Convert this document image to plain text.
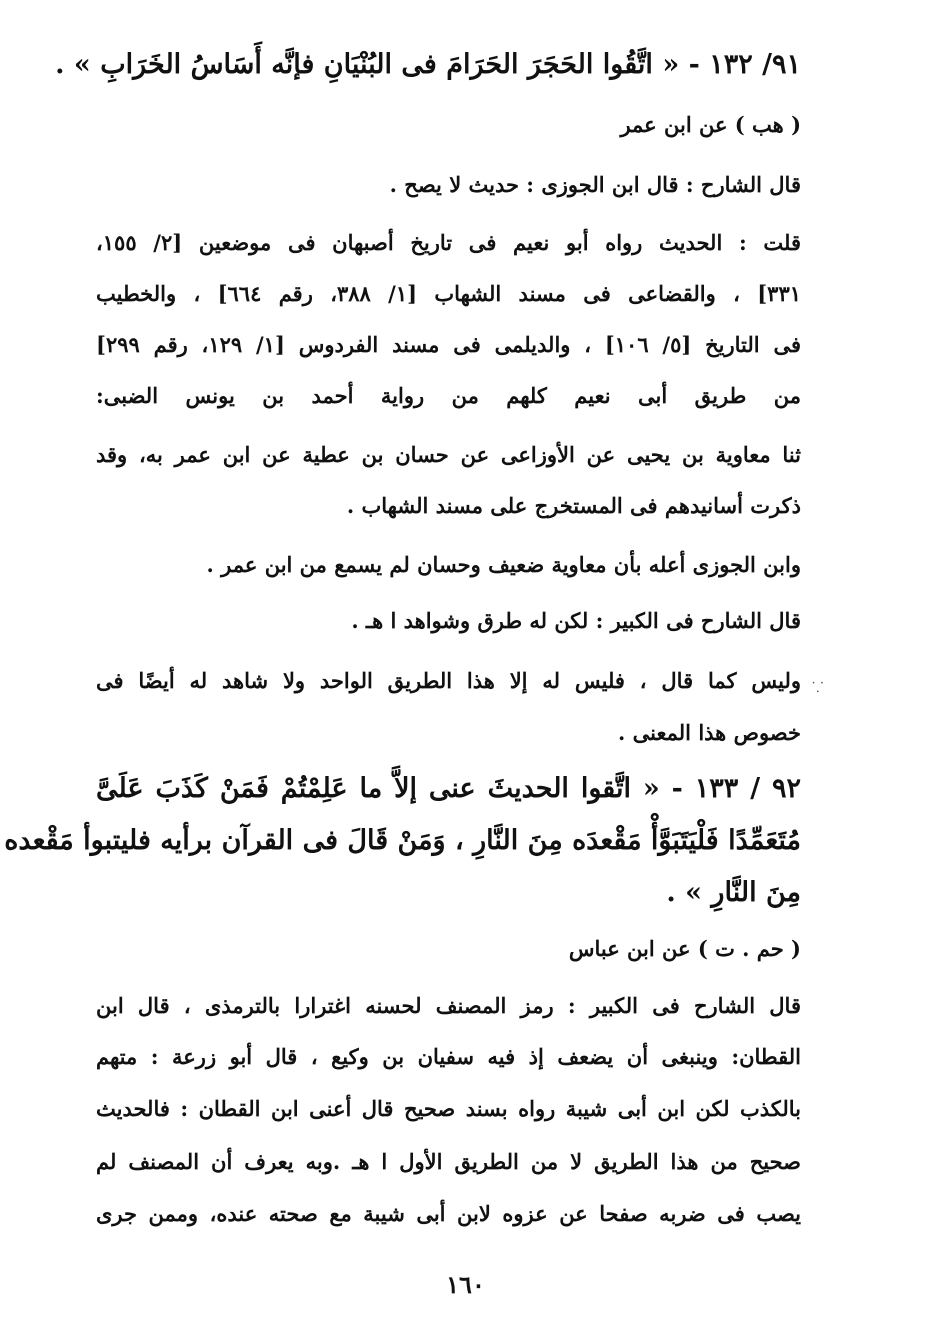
٩١/ ١٣٢ - « اتَّقُوا الحَجَرَ الحَرَامَ فى البُنْيَانِ فإنَّه أَسَاسُ الخَرَابِ » .
( هب ) عن ابن عمر
قال الشارح : قال ابن الجوزى : حديث لا يصح .
قلت : الحديث رواه أبو نعيم فى تاريخ أصبهان فى موضعين [٢/ ١٥٥،
٣٣١] ، والقضاعى فى مسند الشهاب [١/ ٣٨٨، رقم ٦٦٤] ، والخطيب
فى التاريخ [٥/ ١٠٦] ، والديلمى فى مسند الفردوس [١/ ١٢٩، رقم ٢٩٩]
من طريق أبى نعيم كلهم من رواية أحمد بن يونس الضبى:
ثنا معاوية بن يحيى عن الأوزاعى عن حسان بن عطية عن ابن عمر به، وقد
ذكرت أسانيدهم فى المستخرج على مسند الشهاب .
وابن الجوزى أعله بأن معاوية ضعيف وحسان لم يسمع من ابن عمر .
قال الشارح فى الكبير : لكن له طرق وشواهد ا هـ .
وليس كما قال ، فليس له إلا هذا الطريق الواحد ولا شاهد له أيضًا فى
خصوص هذا المعنى .
٩٢ / ١٣٣ - « اتَّقوا الحديثَ عنى إلاَّ ما عَلِمْتُمْ فَمَنْ كَذَبَ عَلَىَّ
مُتَعَمِّدًا فَلْيَتَبَوَّأْ مَقْعدَه مِنَ النَّارِ ، وَمَنْ قَالَ فى القرآن برأيه فليتبوأ مَقْعده
مِنَ النَّارِ » .
( حم . ت ) عن ابن عباس
قال الشارح فى الكبير : رمز المصنف لحسنه اغترارا بالترمذى ، قال ابن
القطان: وينبغى أن يضعف إذ فيه سفيان بن وكيع ، قال أبو زرعة : متهم
بالكذب لكن ابن أبى شيبة رواه بسند صحيح قال أعنى ابن القطان : فالحديث
صحيح من هذا الطريق لا من الطريق الأول ا هـ .وبه يعرف أن المصنف لم
يصب فى ضربه صفحا عن عزوه لابن أبى شيبة مع صحته عنده، وممن جرى
١٦٠
⸪
